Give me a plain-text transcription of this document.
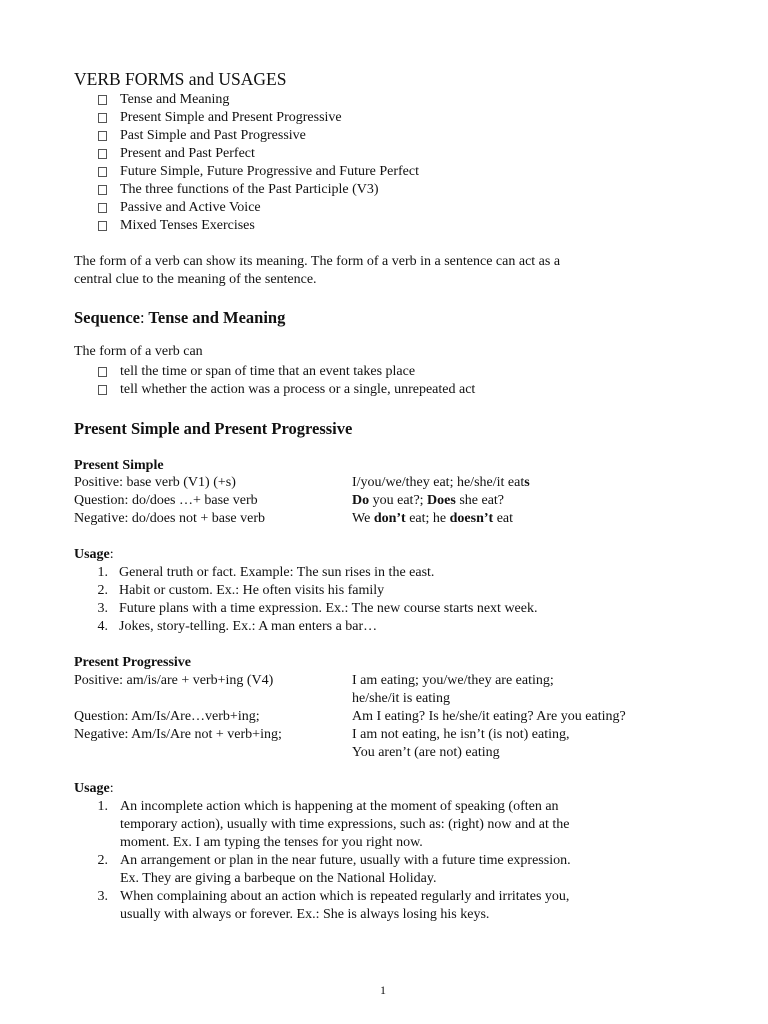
VERB FORMS and USAGES
Tense and Meaning
Present Simple and Present Progressive
Past Simple and Past Progressive
Present and Past Perfect
Future Simple, Future Progressive and Future Perfect
The three functions of the Past Participle (V3)
Passive and Active Voice
Mixed Tenses Exercises
The form of a verb can show its meaning. The form of a verb in a sentence can act as a
central clue to the meaning of the sentence.
Sequence: Tense and Meaning
The form of a verb can
tell the time or span of time that an event takes place
tell whether the action was a process or a single, unrepeated act
Present Simple and Present Progressive
Present Simple
Positive: base verb (V1) (+s)	I/you/we/they eat; he/she/it eats
Question: do/does …+ base verb	Do you eat?; Does she eat?
Negative: do/does not + base verb	We don’t eat; he doesn’t eat
Usage:
1. General truth or fact. Example: The sun rises in the east.
2. Habit or custom. Ex.: He often visits his family
3. Future plans with a time expression. Ex.: The new course starts next week.
4. Jokes, story-telling. Ex.: A man enters a bar…
Present Progressive
Positive: am/is/are + verb+ing (V4)	I am eating; you/we/they are eating;
he/she/it is eating
Question: Am/Is/Are…verb+ing;	Am I eating? Is he/she/it eating? Are you eating?
Negative: Am/Is/Are not + verb+ing;	I am not eating, he isn’t (is not) eating,
You aren’t (are not) eating
Usage:
1. An incomplete action which is happening at the moment of speaking (often an
temporary action), usually with time expressions, such as: (right) now and at the
moment. Ex. I am typing the tenses for you right now.
2. An arrangement or plan in the near future, usually with a future time expression.
Ex. They are giving a barbeque on the National Holiday.
3. When complaining about an action which is repeated regularly and irritates you,
usually with always or forever. Ex.: She is always losing his keys.
1
